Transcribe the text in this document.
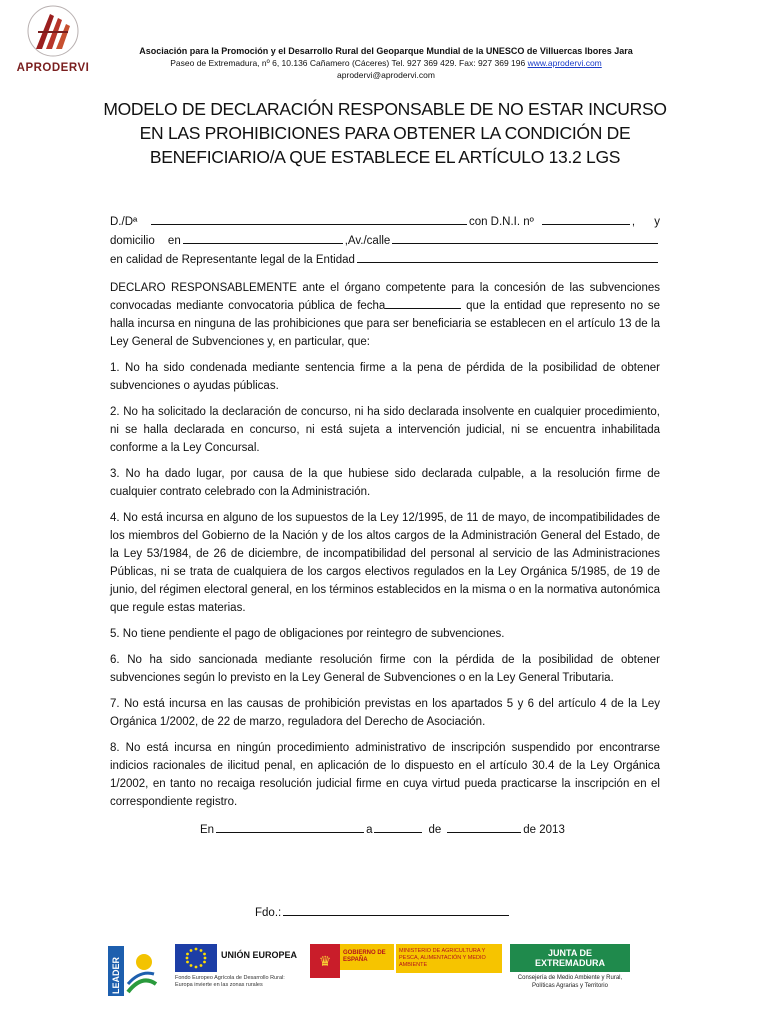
APRODERVI
Asociación para la Promoción y el Desarrollo Rural del Geoparque Mundial de la UNESCO de Villuercas Ibores Jara
Paseo de Extremadura, nº 6, 10.136 Cañamero (Cáceres) Tel. 927 369 429. Fax: 927 369 196 www.aprodervi.com
aprodervi@aprodervi.com
MODELO DE DECLARACIÓN RESPONSABLE DE NO ESTAR INCURSO
EN LAS PROHIBICIONES PARA OBTENER LA CONDICIÓN DE
BENEFICIARIO/A QUE ESTABLECE EL ARTÍCULO 13.2 LGS
D./Dª	con D.N.I. nº	, y
domicilio en	,Av./calle
en calidad de Representante legal de la Entidad

DECLARO RESPONSABLEMENTE ante el órgano competente para la concesión de las subvenciones convocadas mediante convocatoria pública de fecha	que la entidad que represento no se halla incursa en ninguna de las prohibiciones que para ser beneficiaria se establecen en el artículo 13 de la Ley General de Subvenciones y, en particular, que:

1. No ha sido condenada mediante sentencia firme a la pena de pérdida de la posibilidad de obtener subvenciones o ayudas públicas.

2. No ha solicitado la declaración de concurso, ni ha sido declarada insolvente en cualquier procedimiento, ni se halla declarada en concurso, ni está sujeta a intervención judicial, ni se encuentra inhabilitada conforme a la Ley Concursal.

3. No ha dado lugar, por causa de la que hubiese sido declarada culpable, a la resolución firme de cualquier contrato celebrado con la Administración.

4. No está incursa en alguno de los supuestos de la Ley 12/1995, de 11 de mayo, de incompatibilidades de los miembros del Gobierno de la Nación y de los altos cargos de la Administración General del Estado, de la Ley 53/1984, de 26 de diciembre, de incompatibilidad del personal al servicio de las Administraciones Públicas, ni se trata de cualquiera de los cargos electivos regulados en la Ley Orgánica 5/1985, de 19 de junio, del régimen electoral general, en los términos establecidos en la misma o en la normativa autonómica que regule estas materias.

5. No tiene pendiente el pago de obligaciones por reintegro de subvenciones.

6. No ha sido sancionada mediante resolución firme con la pérdida de la posibilidad de obtener subvenciones según lo previsto en la Ley General de Subvenciones o en la Ley General Tributaria.

7. No está incursa en las causas de prohibición previstas en los apartados 5 y 6 del artículo 4 de la Ley Orgánica 1/2002, de 22 de marzo, reguladora del Derecho de Asociación.

8. No está incursa en ningún procedimiento administrativo de inscripción suspendido por encontrarse indicios racionales de ilicitud penal, en aplicación de lo dispuesto en el artículo 30.4 de la Ley Orgánica 1/2002, en tanto no recaiga resolución judicial firme en cuya virtud pueda practicarse la inscripción en el correspondiente registro.

En	a	de	de 2013
Fdo.:
LEADER
UNIÓN EUROPEA
Fondo Europeo Agrícola de Desarrollo Rural:
Europa invierte en las zonas rurales
♛	GOBIERNO DE ESPAÑA
MINISTERIO DE AGRICULTURA Y PESCA, ALIMENTACIÓN Y MEDIO AMBIENTE
JUNTA DE EXTREMADURA
Consejería de Medio Ambiente y Rural, Políticas Agrarias y Territorio
